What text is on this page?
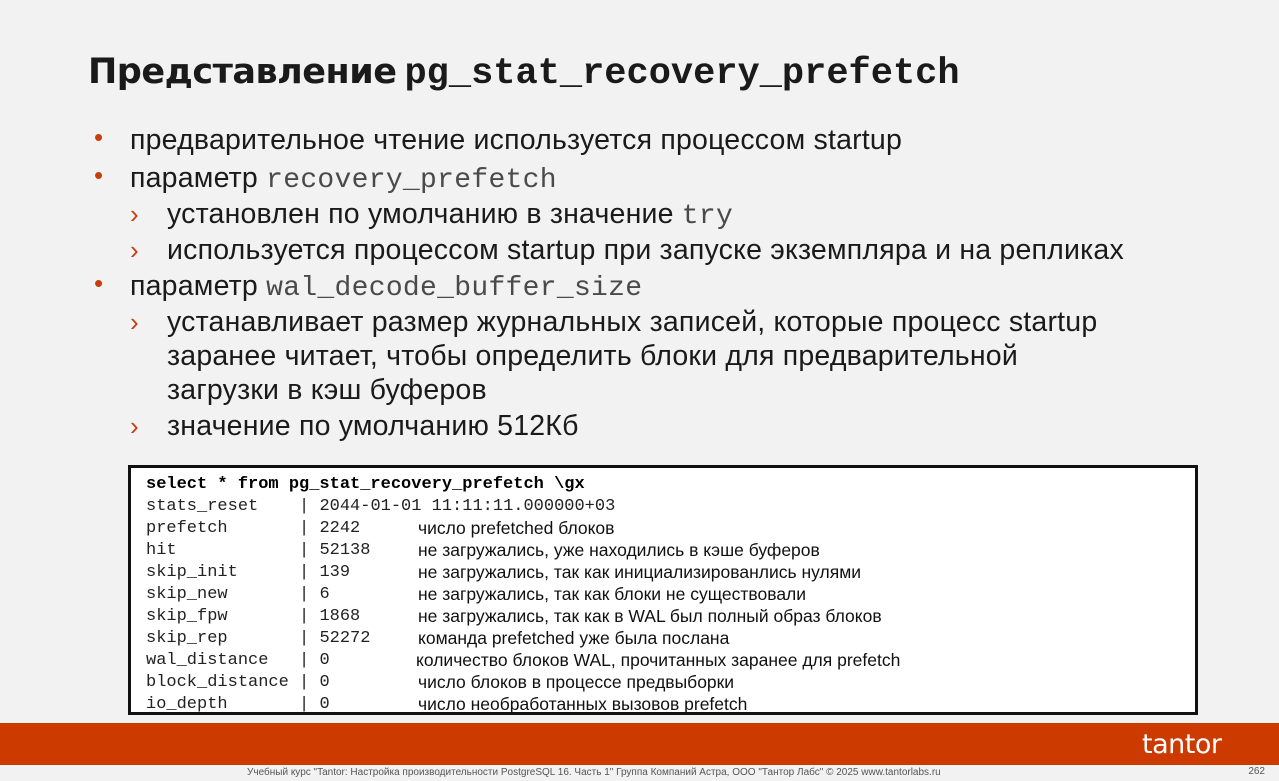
Представление pg_stat_recovery_prefetch
• предварительное чтение используется процессом startup
• параметр recovery_prefetch
› установлен по умолчанию в значение try
› используется процессом startup при запуске экземпляра и на репликах
• параметр wal_decode_buffer_size
› устанавливает размер журнальных записей, которые процесс startup
заранее читает, чтобы определить блоки для предварительной
загрузки в кэш буферов
› значение по умолчанию 512Кб
select * from pg_stat_recovery_prefetch \gx
stats_reset    | 2044-01-01 11:11:11.000000+03
prefetch       | 2242	число prefetched блоков
hit            | 52138	не загружались, уже находились в кэше буферов
skip_init      | 139	не загружались, так как инициализированлись нулями
skip_new       | 6	не загружались, так как блоки не существовали
skip_fpw       | 1868	не загружались, так как в WAL был полный образ блоков
skip_rep       | 52272	команда prefetched уже была послана
wal_distance   | 0	количество блоков WAL, прочитанных заранее для prefetch
block_distance | 0	число блоков в процессе предвыборки
io_depth       | 0	число необработанных вызовов prefetch
tantor
Учебный курс "Tantor: Настройка производительности PostgreSQL 16. Часть 1" Группа Компаний Астра, ООО "Тантор Лабс" © 2025 www.tantorlabs.ru	262
